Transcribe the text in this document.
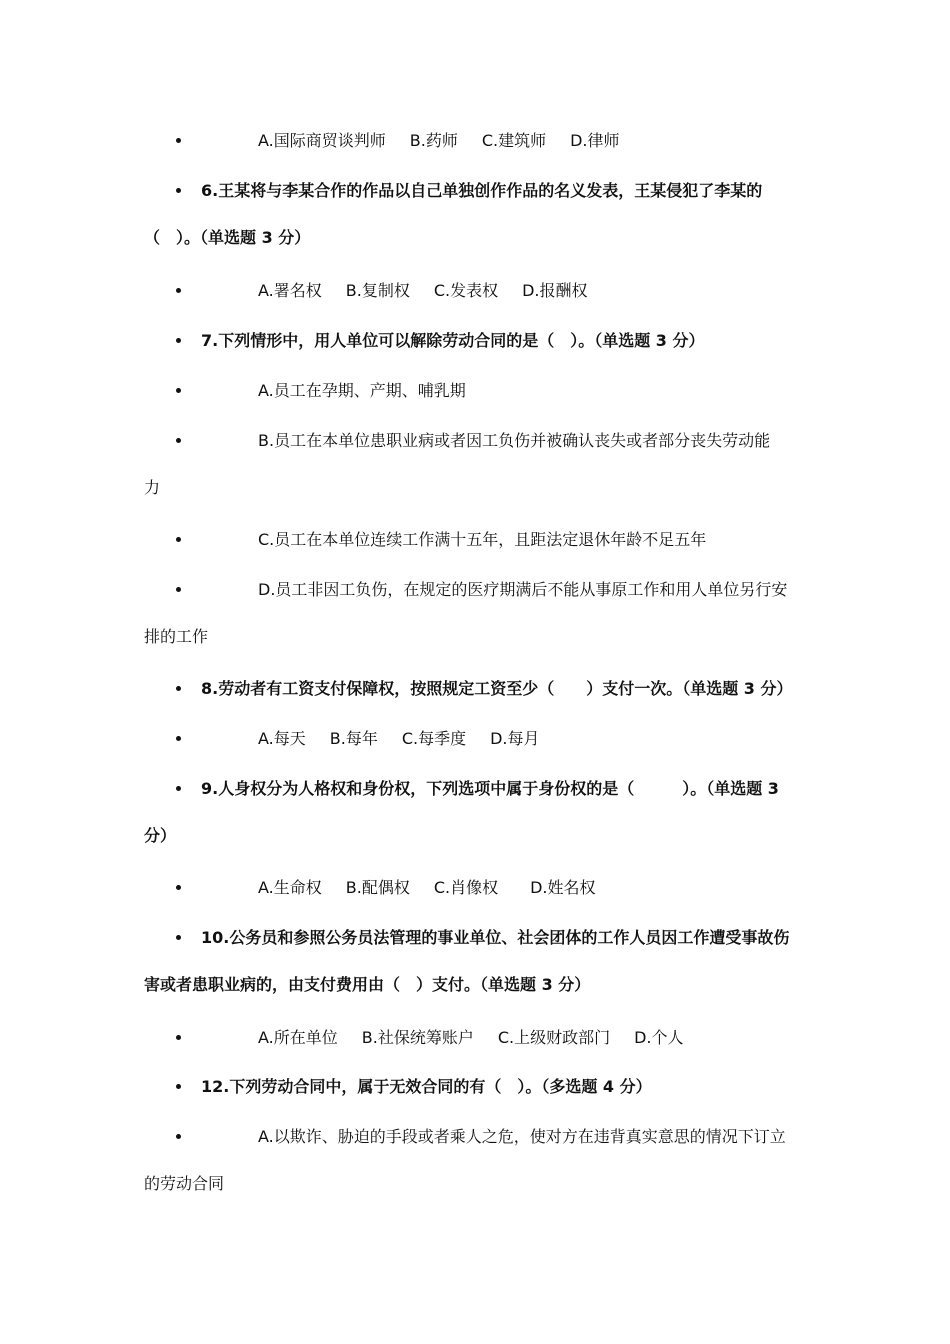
A.国际商贸谈判师 B.药师 C.建筑师 D.律师
6.王某将与李某合作的作品以自己单独创作作品的名义发表，王某侵犯了李某的
（　）。（单选题 3 分）
A.署名权 B.复制权 C.发表权 D.报酬权
7.下列情形中，用人单位可以解除劳动合同的是（　）。（单选题 3 分）
A.员工在孕期、产期、哺乳期
B.员工在本单位患职业病或者因工负伤并被确认丧失或者部分丧失劳动能
力
C.员工在本单位连续工作满十五年，且距法定退休年龄不足五年
D.员工非因工负伤，在规定的医疗期满后不能从事原工作和用人单位另行安
排的工作
8.劳动者有工资支付保障权，按照规定工资至少（　　）支付一次。（单选题 3 分）
A.每天 B.每年 C.每季度 D.每月
9.人身权分为人格权和身份权，下列选项中属于身份权的是（　　　）。（单选题 3
分）
A.生命权 B.配偶权 C.肖像权 D.姓名权
10.公务员和参照公务员法管理的事业单位、社会团体的工作人员因工作遭受事故伤
害或者患职业病的，由支付费用由（　）支付。（单选题 3 分）
A.所在单位 B.社保统筹账户 C.上级财政部门 D.个人
12.下列劳动合同中，属于无效合同的有（　）。（多选题 4 分）
A.以欺诈、胁迫的手段或者乘人之危，使对方在违背真实意思的情况下订立
的劳动合同
